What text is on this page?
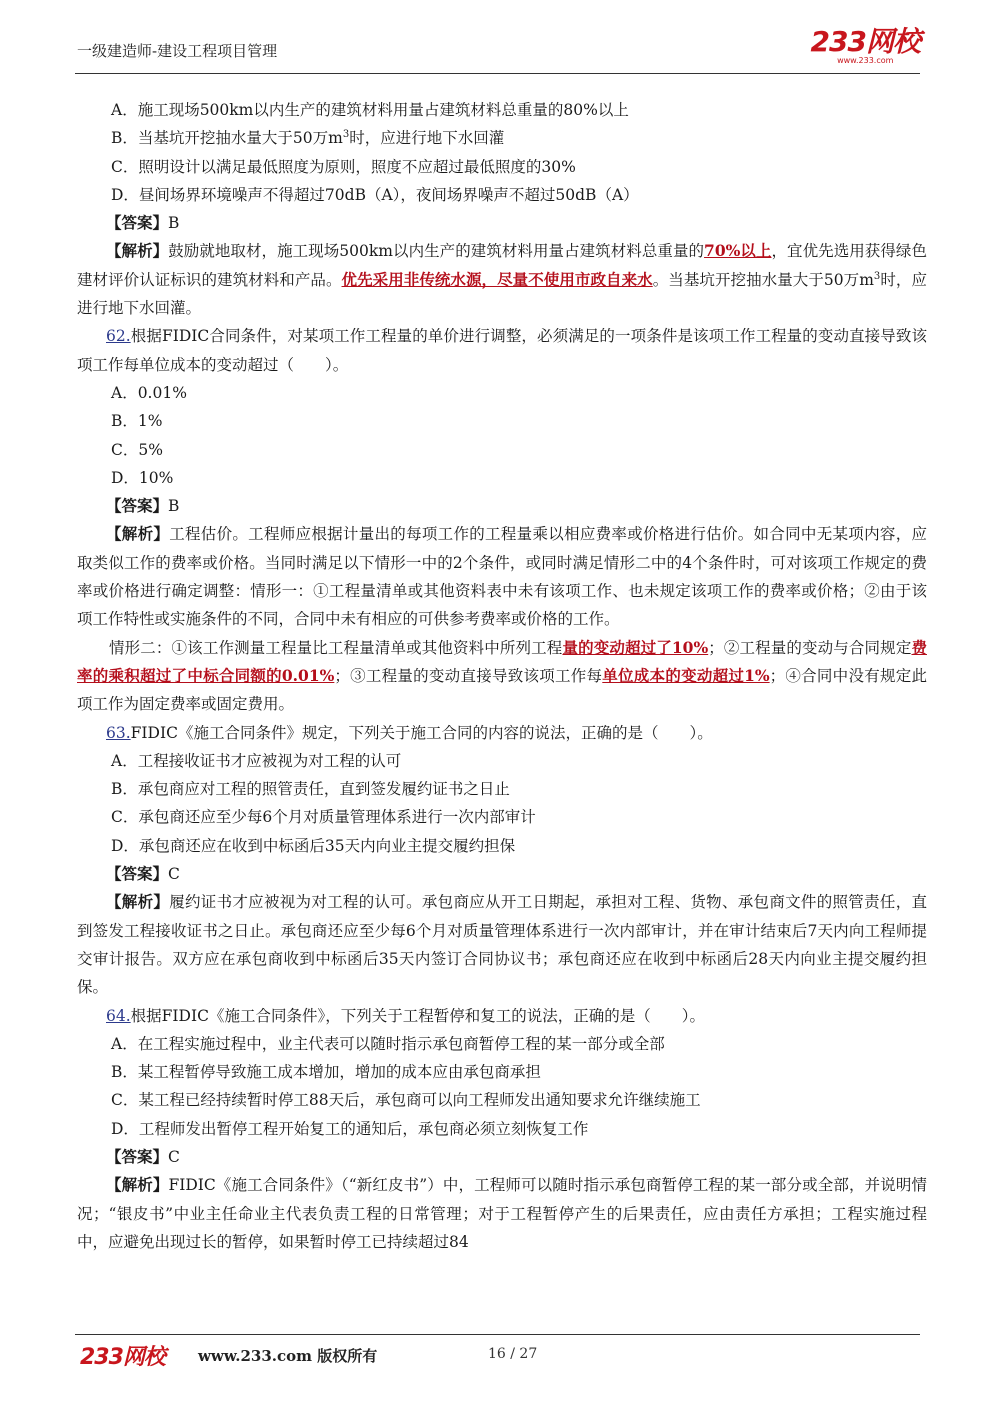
一级建造师-建设工程项目管理	233网校
www.233.com
A．施工现场500km以内生产的建筑材料用量占建筑材料总重量的80%以上
B．当基坑开挖抽水量大于50万$m^3$时，应进行地下水回灌
C．照明设计以满足最低照度为原则，照度不应超过最低照度的30%
D．昼间场界环境噪声不得超过70dB（A），夜间场界噪声不超过50dB（A）
【答案】B
【解析】鼓励就地取材，施工现场500km以内生产的建筑材料用量占建筑材料总重量的70%以上，宜优先选用获得绿色建材评价认证标识的建筑材料和产品。优先采用非传统水源，尽量不使用市政自来水。当基坑开挖抽水量大于50万$m^3$时，应进行地下水回灌。
62.根据FIDIC合同条件，对某项工作工程量的单价进行调整，必须满足的一项条件是该项工作工程量的变动直接导致该项工作每单位成本的变动超过（　　）。
A．0.01%
B．1%
C．5%
D．10%
【答案】B
【解析】工程估价。工程师应根据计量出的每项工作的工程量乘以相应费率或价格进行估价。如合同中无某项内容，应取类似工作的费率或价格。当同时满足以下情形一中的2个条件，或同时满足情形二中的4个条件时，可对该项工作规定的费率或价格进行确定调整：情形一：①工程量清单或其他资料表中未有该项工作、也未规定该项工作的费率或价格；②由于该项工作特性或实施条件的不同，合同中未有相应的可供参考费率或价格的工作。
情形二：①该工作测量工程量比工程量清单或其他资料中所列工程量的变动超过了10%；②工程量的变动与合同规定费率的乘积超过了中标合同额的0.01%；③工程量的变动直接导致该项工作每单位成本的变动超过1%；④合同中没有规定此项工作为固定费率或固定费用。
63.FIDIC《施工合同条件》规定，下列关于施工合同的内容的说法，正确的是（　　）。
A．工程接收证书才应被视为对工程的认可
B．承包商应对工程的照管责任，直到签发履约证书之日止
C．承包商还应至少每6个月对质量管理体系进行一次内部审计
D．承包商还应在收到中标函后35天内向业主提交履约担保
【答案】C
【解析】履约证书才应被视为对工程的认可。承包商应从开工日期起，承担对工程、货物、承包商文件的照管责任，直到签发工程接收证书之日止。承包商还应至少每6个月对质量管理体系进行一次内部审计，并在审计结束后7天内向工程师提交审计报告。双方应在承包商收到中标函后35天内签订合同协议书；承包商还应在收到中标函后28天内向业主提交履约担保。
64.根据FIDIC《施工合同条件》，下列关于工程暂停和复工的说法，正确的是（　　）。
A．在工程实施过程中，业主代表可以随时指示承包商暂停工程的某一部分或全部
B．某工程暂停导致施工成本增加，增加的成本应由承包商承担
C．某工程已经持续暂时停工88天后，承包商可以向工程师发出通知要求允许继续施工
D．工程师发出暂停工程开始复工的通知后，承包商必须立刻恢复工作
【答案】C
【解析】FIDIC《施工合同条件》（“新红皮书”）中，工程师可以随时指示承包商暂停工程的某一部分或全部，并说明情况；“银皮书”中业主任命业主代表负责工程的日常管理；对于工程暂停产生的后果责任，应由责任方承担；工程实施过程中，应避免出现过长的暂停，如果暂时停工已持续超过84
233网校 www.233.com 版权所有	16 / 27
